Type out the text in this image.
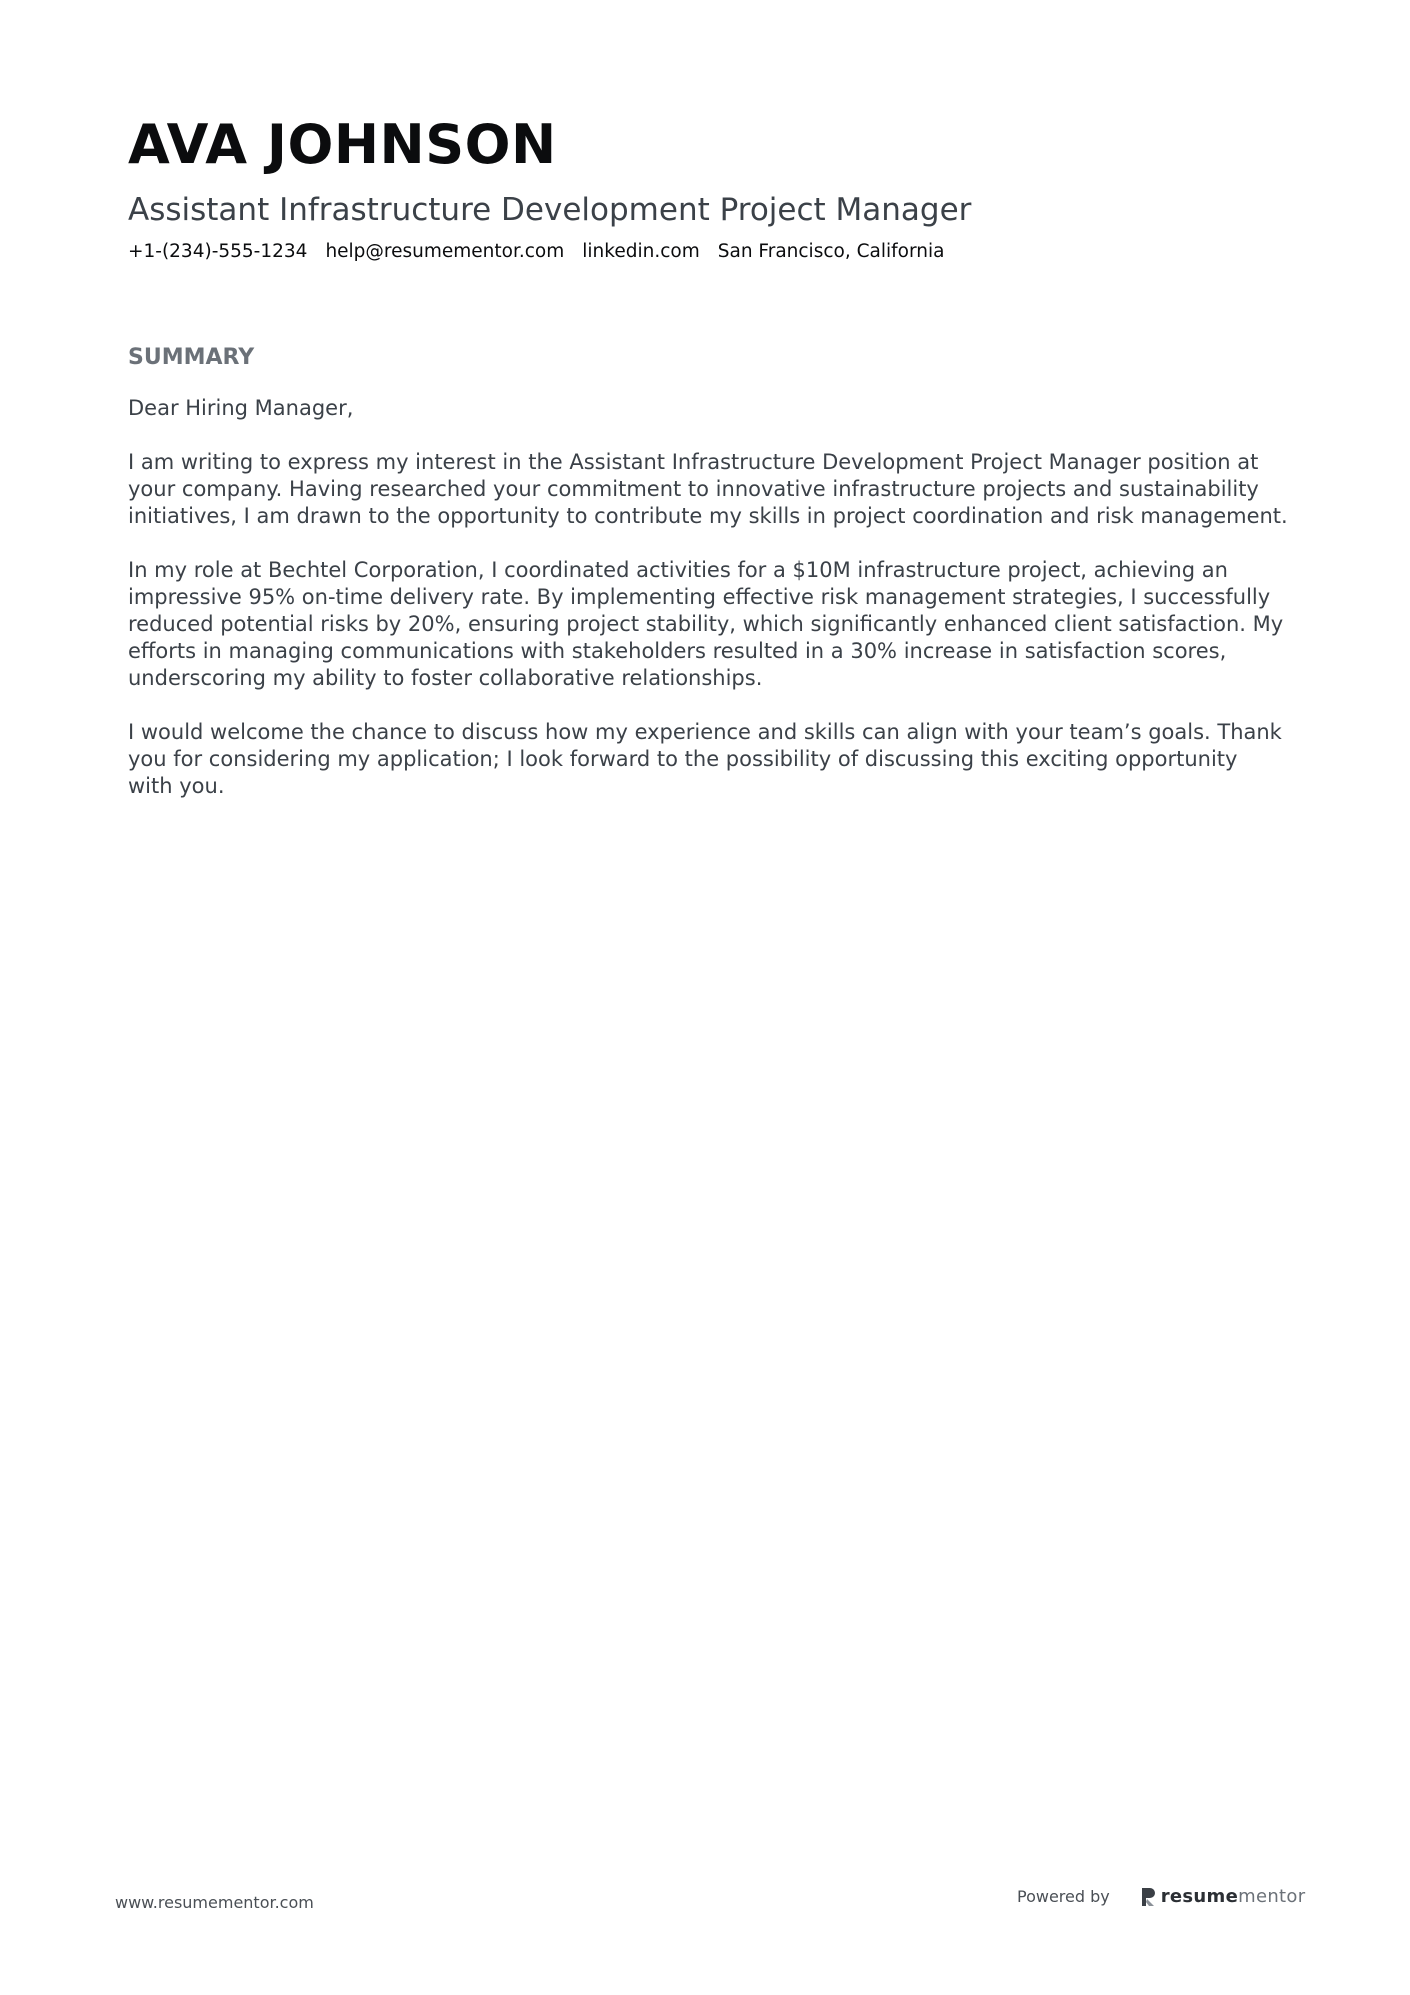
AVA JOHNSON
Assistant Infrastructure Development Project Manager
+1-(234)-555-1234 help@resumementor.com linkedin.com San Francisco, California
SUMMARY

Dear Hiring Manager,

I am writing to express my interest in the Assistant Infrastructure Development Project Manager position at your company. Having researched your commitment to innovative infrastructure projects and sustainability initiatives, I am drawn to the opportunity to contribute my skills in project coordination and risk management.

In my role at Bechtel Corporation, I coordinated activities for a $10M infrastructure project, achieving an impressive 95% on-time delivery rate. By implementing effective risk management strategies, I successfully reduced potential risks by 20%, ensuring project stability, which significantly enhanced client satisfaction. My efforts in managing communications with stakeholders resulted in a 30% increase in satisfaction scores, underscoring my ability to foster collaborative relationships.

I would welcome the chance to discuss how my experience and skills can align with your team’s goals. Thank you for considering my application; I look forward to the possibility of discussing this exciting opportunity with you.

www.resumementor.com	Powered by	resumementor
